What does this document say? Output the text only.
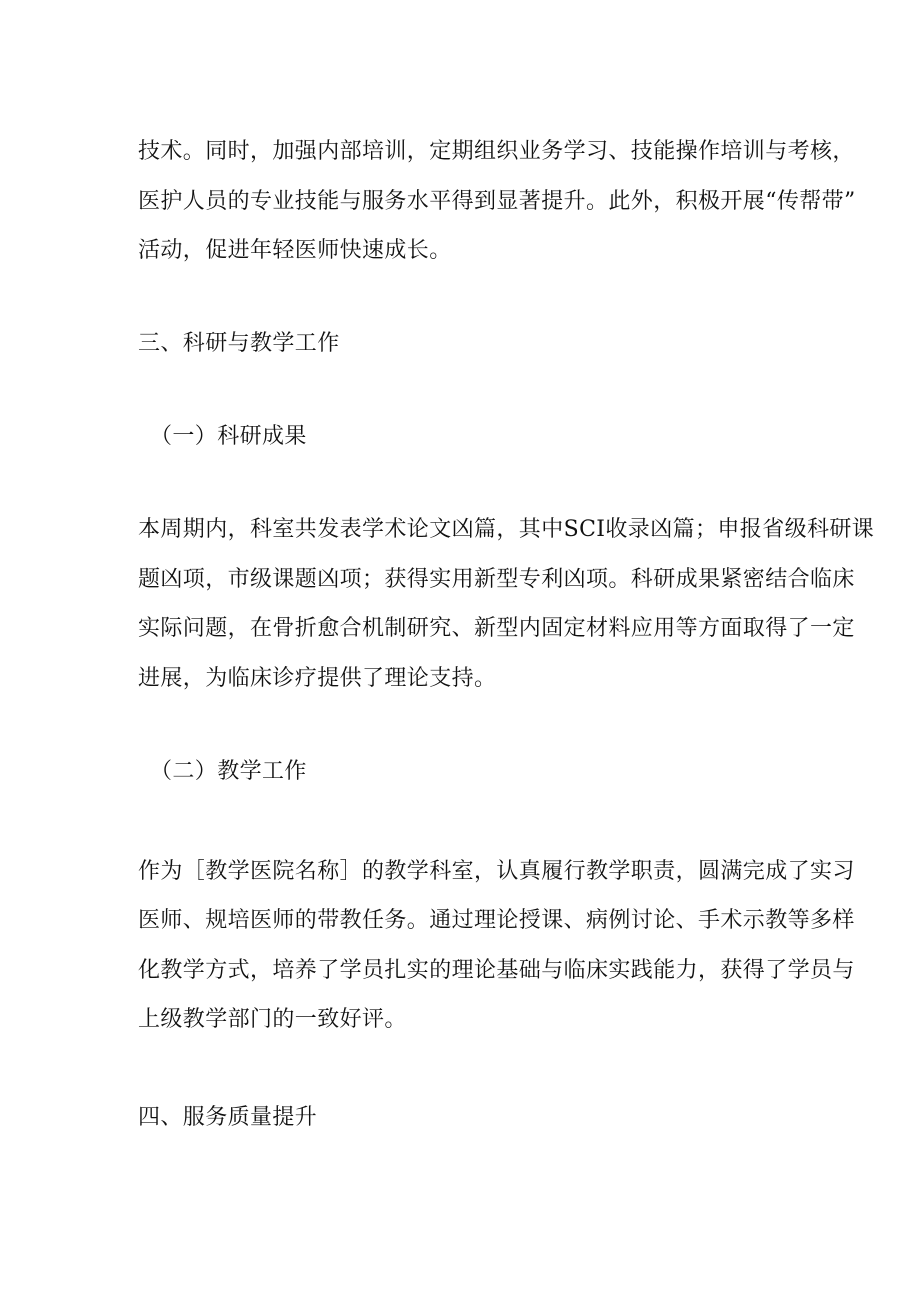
技术。同时，加强内部培训，定期组织业务学习、技能操作培训与考核，
医护人员的专业技能与服务水平得到显著提升。此外，积极开展“传帮带”
活动，促进年轻医师快速成长。
三、科研与教学工作
（一）科研成果
本周期内，科室共发表学术论文凶篇，其中SCI收录凶篇；申报省级科研课
题凶项，市级课题凶项；获得实用新型专利凶项。科研成果紧密结合临床
实际问题，在骨折愈合机制研究、新型内固定材料应用等方面取得了一定
进展，为临床诊疗提供了理论支持。
（二）教学工作
作为［教学医院名称］的教学科室，认真履行教学职责，圆满完成了实习
医师、规培医师的带教任务。通过理论授课、病例讨论、手术示教等多样
化教学方式，培养了学员扎实的理论基础与临床实践能力，获得了学员与
上级教学部门的一致好评。
四、服务质量提升
